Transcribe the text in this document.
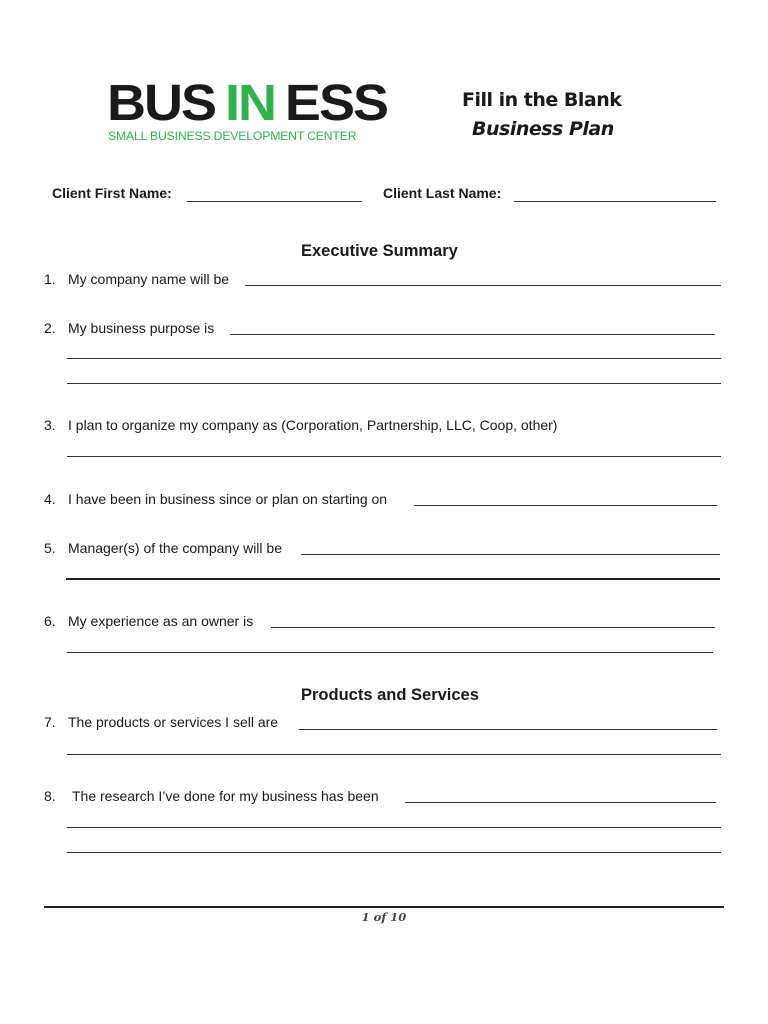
BUS IN ESS
SMALL BUSINESS DEVELOPMENT CENTER
Fill in the Blank
Business Plan
Client First Name:	Client Last Name:
Executive Summary
1. My company name will be
2. My business purpose is
3. I plan to organize my company as (Corporation, Partnership, LLC, Coop, other)
4. I have been in business since or plan on starting on
5. Manager(s) of the company will be
6. My experience as an owner is
Products and Services
7. The products or services I sell are
8. The research I’ve done for my business has been
1 of 10
